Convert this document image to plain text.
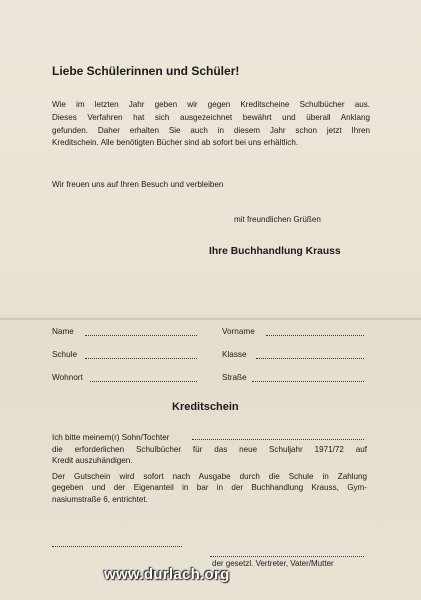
Liebe Schülerinnen und Schüler!
Wie im letzten Jahr geben wir gegen Kreditscheine Schulbücher aus.
Dieses Verfahren hat sich ausgezeichnet bewährt und überall Anklang
gefunden. Daher erhalten Sie auch in diesem Jahr schon jetzt Ihren
Kreditschein. Alle benötigten Bücher sind ab sofort bei uns erhältlich.
Wir freuen uns auf Ihren Besuch und verbleiben
mit freundlichen Grüßen
Ihre Buchhandlung Krauss
Name	Vorname
Schule	Klasse
Wohnort	Straße
Kreditschein
Ich bitte meinem(r) Sohn/Tochter
die erforderlichen Schulbücher für das neue Schuljahr 1971/72 auf
Kredit auszuhändigen.
Der Gutschein wird sofort nach Ausgabe durch die Schule in Zahlung
gegeben und der Eigenanteil in bar in der Buchhandlung Krauss, Gym-
nasiumstraße 6, entrichtet.
der gesetzl. Vertreter, Vater/Mutter
www.durlach.org
